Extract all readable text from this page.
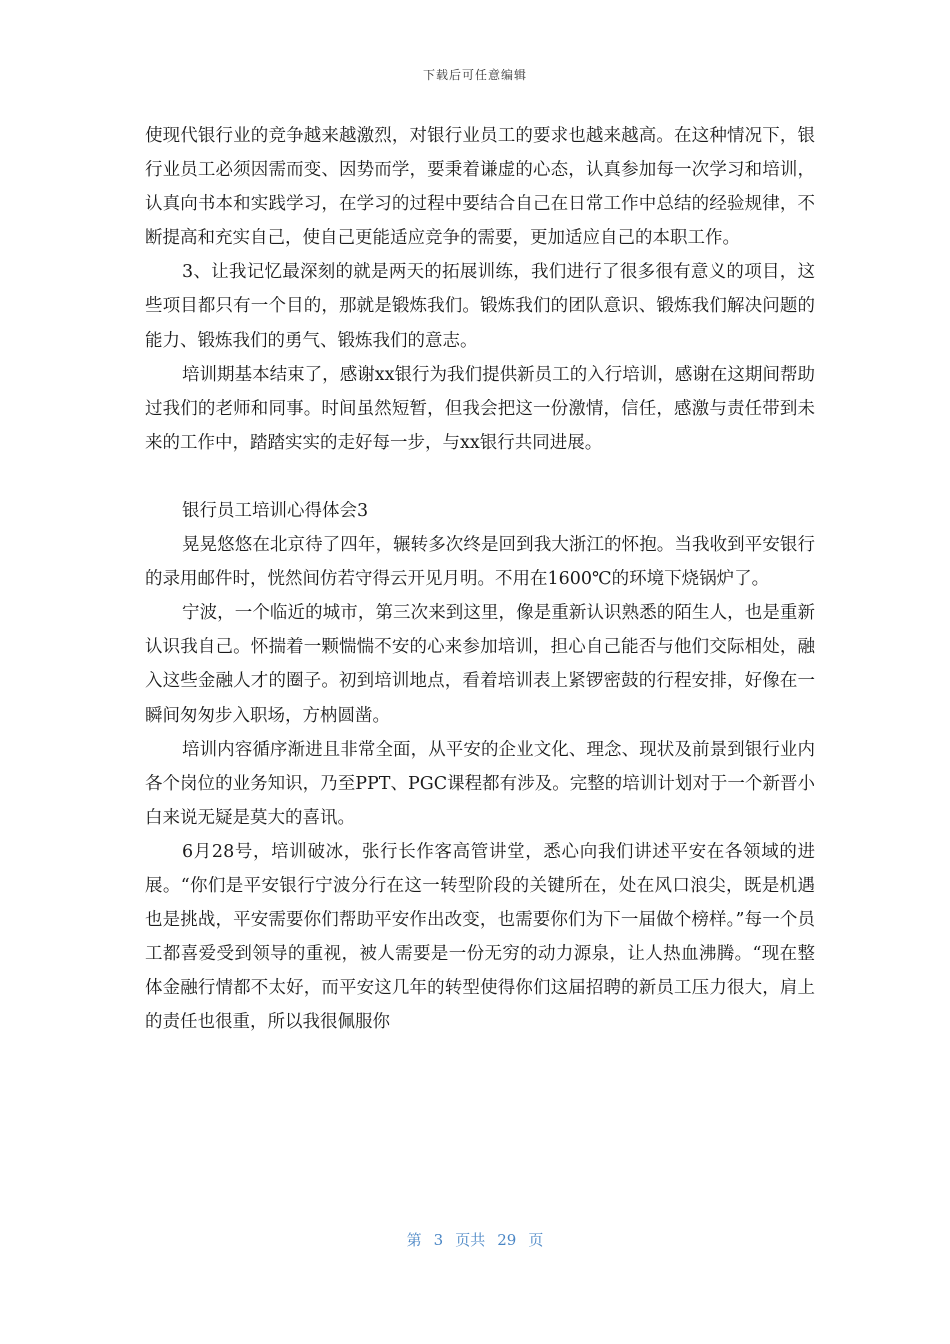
下载后可任意编辑

使现代银行业的竞争越来越激烈，对银行业员工的要求也越来越高。在这种情况下，银行业员工必须因需而变、因势而学，要秉着谦虚的心态，认真参加每一次学习和培训，认真向书本和实践学习，在学习的过程中要结合自己在日常工作中总结的经验规律，不断提高和充实自己，使自己更能适应竞争的需要，更加适应自己的本职工作。

3、让我记忆最深刻的就是两天的拓展训练，我们进行了很多很有意义的项目，这些项目都只有一个目的，那就是锻炼我们。锻炼我们的团队意识、锻炼我们解决问题的能力、锻炼我们的勇气、锻炼我们的意志。

培训期基本结束了，感谢xx银行为我们提供新员工的入行培训，感谢在这期间帮助过我们的老师和同事。时间虽然短暂，但我会把这一份激情，信任，感激与责任带到未来的工作中，踏踏实实的走好每一步，与xx银行共同进展。

银行员工培训心得体会3

晃晃悠悠在北京待了四年，辗转多次终是回到我大浙江的怀抱。当我收到平安银行的录用邮件时，恍然间仿若守得云开见月明。不用在1600℃的环境下烧锅炉了。

宁波，一个临近的城市，第三次来到这里，像是重新认识熟悉的陌生人，也是重新认识我自己。怀揣着一颗惴惴不安的心来参加培训，担心自己能否与他们交际相处，融入这些金融人才的圈子。初到培训地点，看着培训表上紧锣密鼓的行程安排，好像在一瞬间匆匆步入职场，方枘圆凿。

培训内容循序渐进且非常全面，从平安的企业文化、理念、现状及前景到银行业内各个岗位的业务知识，乃至PPT、PGC课程都有涉及。完整的培训计划对于一个新晋小白来说无疑是莫大的喜讯。

6月28号，培训破冰，张行长作客高管讲堂，悉心向我们讲述平安在各领域的进展。“你们是平安银行宁波分行在这一转型阶段的关键所在，处在风口浪尖，既是机遇也是挑战，平安需要你们帮助平安作出改变，也需要你们为下一届做个榜样。”每一个员工都喜爱受到领导的重视，被人需要是一份无穷的动力源泉，让人热血沸腾。“现在整体金融行情都不太好，而平安这几年的转型使得你们这届招聘的新员工压力很大，肩上的责任也很重，所以我很佩服你

第 3 页共 29 页
